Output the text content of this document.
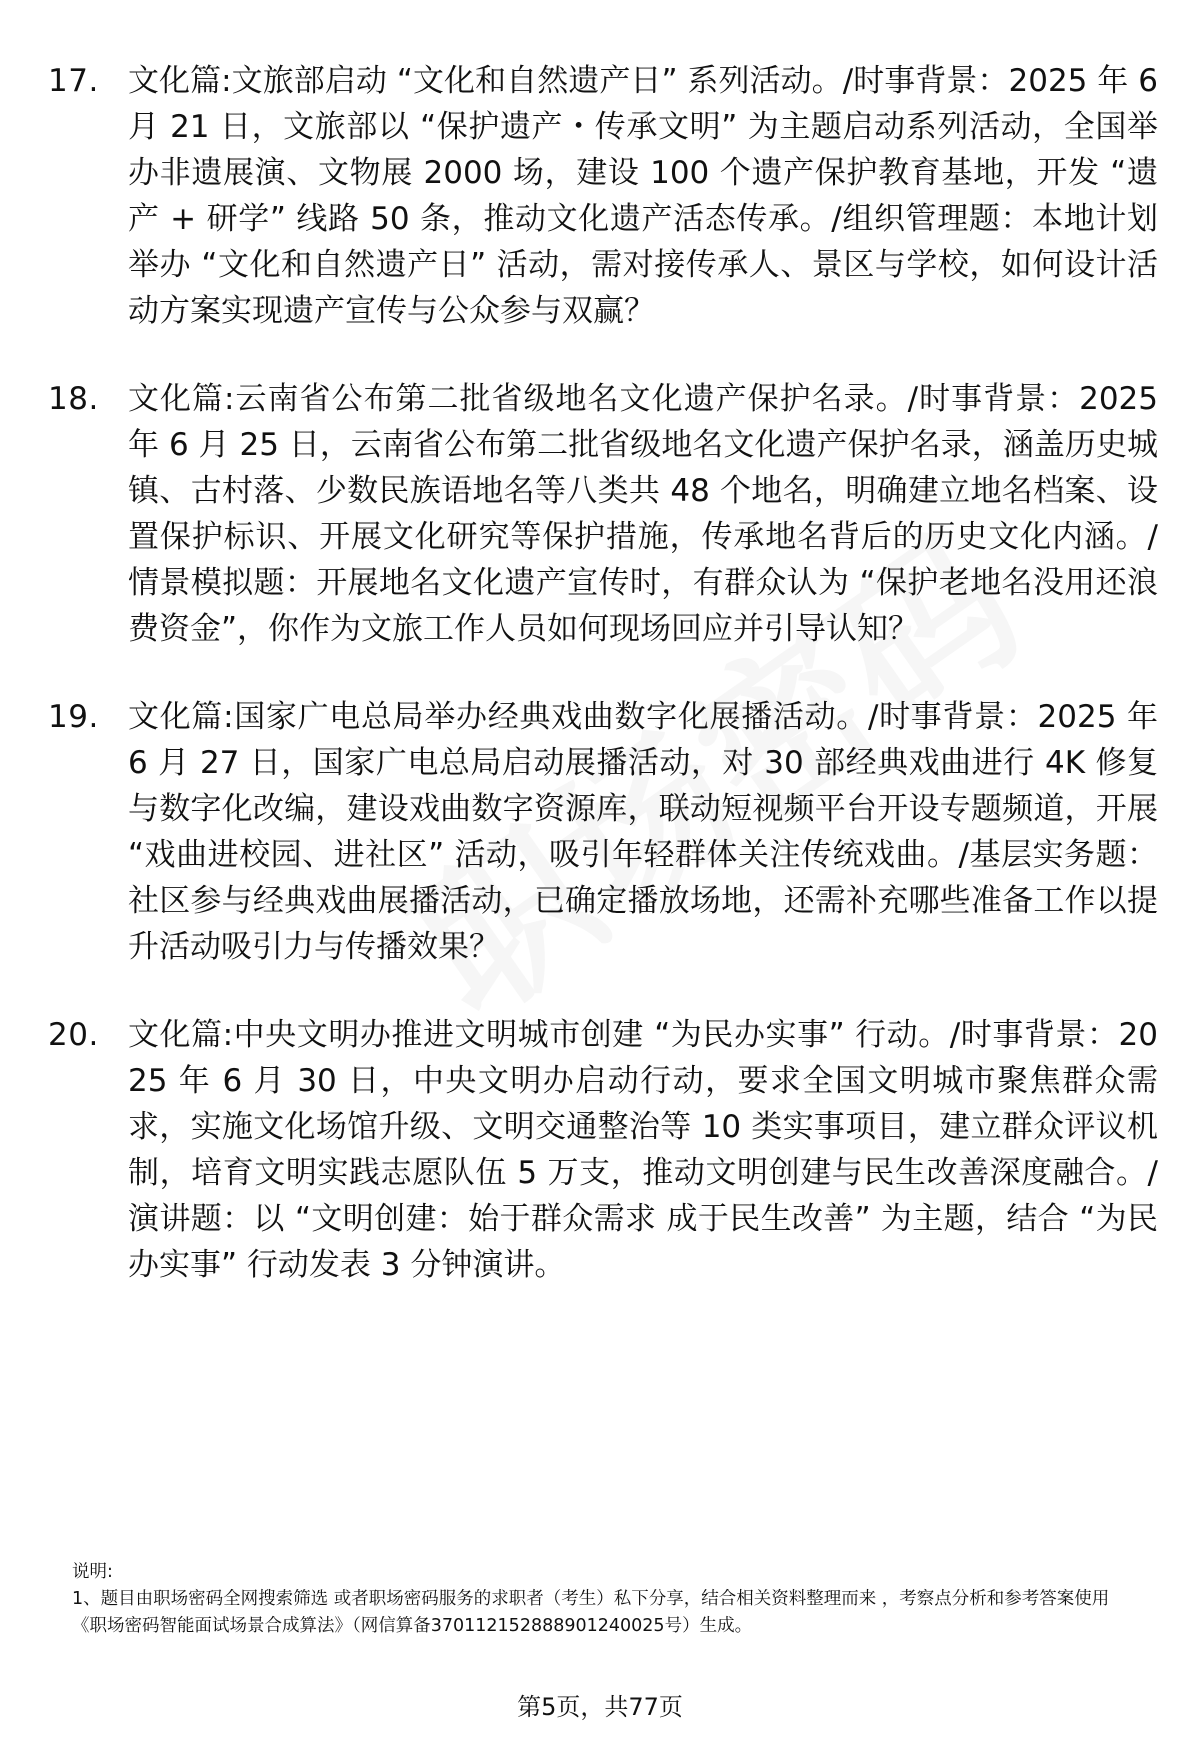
17. 文化篇:文旅部启动 “文化和自然遗产日” 系列活动。/时事背景：2025 年 6 月 21 日，文旅部以 “保护遗产・传承文明” 为主题启动系列活动，全国举办非遗展演、文物展 2000 场，建设 100 个遗产保护教育基地，开发 “遗产 + 研学” 线路 50 条，推动文化遗产活态传承。/组织管理题：本地计划举办 “文化和自然遗产日” 活动，需对接传承人、景区与学校，如何设计活动方案实现遗产宣传与公众参与双赢？
18. 文化篇:云南省公布第二批省级地名文化遗产保护名录。/时事背景：2025 年 6 月 25 日，云南省公布第二批省级地名文化遗产保护名录，涵盖历史城镇、古村落、少数民族语地名等八类共 48 个地名，明确建立地名档案、设置保护标识、开展文化研究等保护措施，传承地名背后的历史文化内涵。/情景模拟题：开展地名文化遗产宣传时，有群众认为 “保护老地名没用还浪费资金”，你作为文旅工作人员如何现场回应并引导认知？
19. 文化篇:国家广电总局举办经典戏曲数字化展播活动。/时事背景：2025 年 6 月 27 日，国家广电总局启动展播活动，对 30 部经典戏曲进行 4K 修复与数字化改编，建设戏曲数字资源库，联动短视频平台开设专题频道，开展 “戏曲进校园、进社区” 活动，吸引年轻群体关注传统戏曲。/基层实务题：社区参与经典戏曲展播活动，已确定播放场地，还需补充哪些准备工作以提升活动吸引力与传播效果？
20. 文化篇:中央文明办推进文明城市创建 “为民办实事” 行动。/时事背景：2025 年 6 月 30 日，中央文明办启动行动，要求全国文明城市聚焦群众需求，实施文化场馆升级、文明交通整治等 10 类实事项目，建立群众评议机制，培育文明实践志愿队伍 5 万支，推动文明创建与民生改善深度融合。/演讲题：以 “文明创建：始于群众需求 成于民生改善” 为主题，结合 “为民办实事” 行动发表 3 分钟演讲。
说明:
1、题目由职场密码全网搜索筛选 或者职场密码服务的求职者（考生）私下分享，结合相关资料整理而来 ，考察点分析和参考答案使用《职场密码智能面试场景合成算法》（网信算备370112152888901240025号）生成。
第5页，共77页
